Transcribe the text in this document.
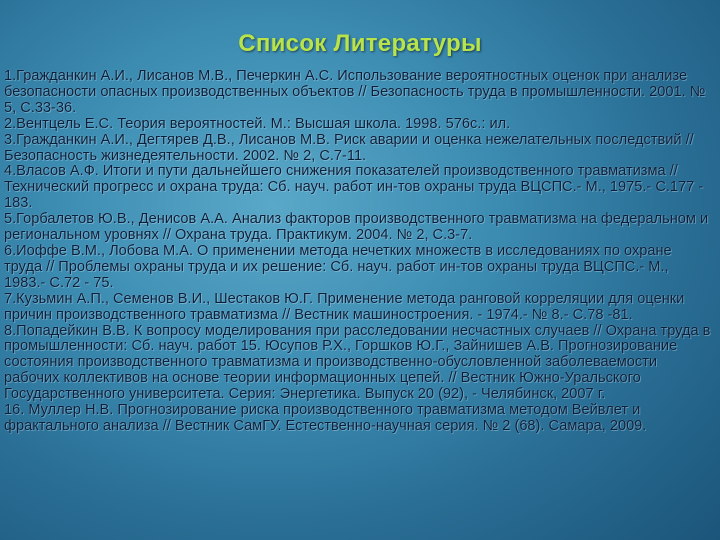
Список Литературы
1.Гражданкин А.И., Лисанов М.В., Печеркин А.С. Использование вероятностных оценок при анализе безопасности опасных производственных объектов // Безопасность труда в промышленности. 2001. № 5, С.33-36.
2.Вентцель Е.С. Теория вероятностей. М.: Высшая школа. 1998. 576с.: ил.
3.Гражданкин А.И., Дегтярев Д.В., Лисанов М.В. Риск аварии и оценка нежелательных последствий // Безопасность жизнедеятельности. 2002. № 2, С.7-11.
4.Власов А.Ф. Итоги и пути дальнейшего снижения показателей производственного травматизма // Технический прогресс и охрана труда: Сб. науч. работ ин-тов охраны труда ВЦСПС.- М., 1975.- С.177 - 183.
5.Горбалетов Ю.В., Денисов А.А. Анализ факторов производственного травматизма на федеральном и региональном уровнях // Охрана труда. Практикум. 2004. № 2, С.3-7.
6.Иоффе В.М., Лобова М.А. О применении метода нечетких множеств в исследованиях по охране труда // Проблемы охраны труда и их решение: Сб. науч. работ ин-тов охраны труда ВЦСПС.- М., 1983.- С.72 - 75.
7.Кузьмин А.П., Семенов В.И., Шестаков Ю.Г. Применение метода ранговой корреляции для оценки причин производственного травматизма // Вестник машиностроения. - 1974.- № 8.- С.78 -81.
8.Попадейкин В.В. К вопросу моделирования при расследовании несчастных случаев // Охрана труда в промышленности: Сб. науч. работ 15. Юсупов Р.Х., Горшков Ю.Г., Зайнишев А.В. Прогнозирование состояния производственного травматизма и производственно-обусловленной заболеваемости рабочих коллективов на основе теории информационных цепей. // Вестник Южно-Уральского Государственного университета. Серия: Энергетика. Выпуск 20 (92), - Челябинск, 2007 г.
16. Муллер Н.В. Прогнозирование риска производственного травматизма методом Вейвлет и фрактального анализа // Вестник СамГУ. Естественно-научная серия. № 2 (68). Самара, 2009.
